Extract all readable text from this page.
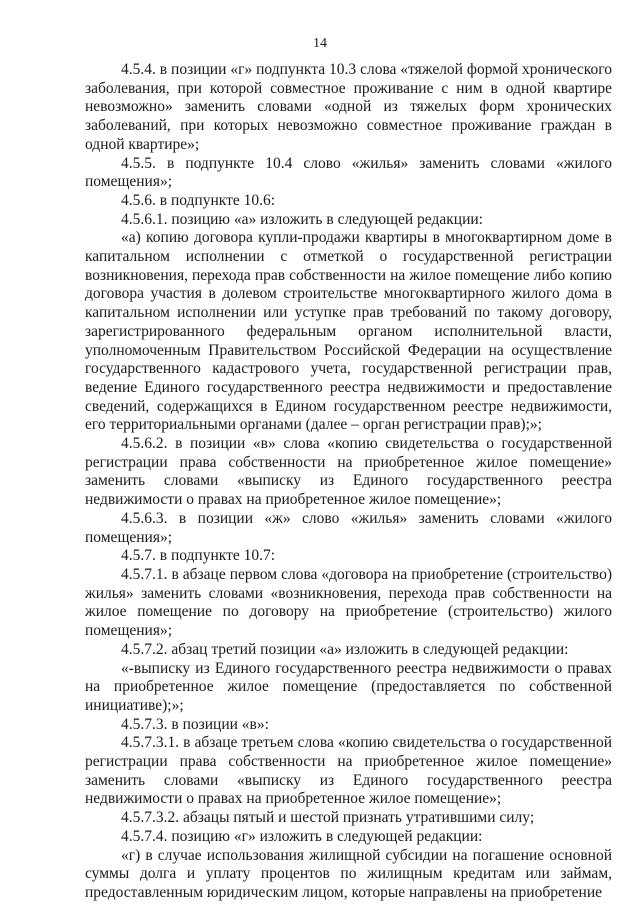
14

4.5.4. в позиции «г» подпункта 10.3 слова «тяжелой формой хронического заболевания, при которой совместное проживание с ним в одной квартире невозможно» заменить словами «одной из тяжелых форм хронических заболеваний, при которых невозможно совместное проживание граждан в одной квартире»;

4.5.5. в подпункте 10.4 слово «жилья» заменить словами «жилого помещения»;

4.5.6. в подпункте 10.6:

4.5.6.1. позицию «а» изложить в следующей редакции:

«а) копию договора купли-продажи квартиры в многоквартирном доме в капитальном исполнении с отметкой о государственной регистрации возникновения, перехода прав собственности на жилое помещение либо копию договора участия в долевом строительстве многоквартирного жилого дома в капитальном исполнении или уступке прав требований по такому договору, зарегистрированного федеральным органом исполнительной власти, уполномоченным Правительством Российской Федерации на осуществление государственного кадастрового учета, государственной регистрации прав, ведение Единого государственного реестра недвижимости и предоставление сведений, содержащихся в Едином государственном реестре недвижимости, его территориальными органами (далее – орган регистрации прав);»;

4.5.6.2. в позиции «в» слова «копию свидетельства о государственной регистрации права собственности на приобретенное жилое помещение» заменить словами «выписку из Единого государственного реестра недвижимости о правах на приобретенное жилое помещение»;

4.5.6.3. в позиции «ж» слово «жилья» заменить словами «жилого помещения»;

4.5.7. в подпункте 10.7:

4.5.7.1. в абзаце первом слова «договора на приобретение (строительство) жилья» заменить словами «возникновения, перехода прав собственности на жилое помещение по договору на приобретение (строительство) жилого помещения»;

4.5.7.2. абзац третий позиции «а» изложить в следующей редакции:

«-выписку из Единого государственного реестра недвижимости о правах на приобретенное жилое помещение (предоставляется по собственной инициативе);»;

4.5.7.3. в позиции «в»:

4.5.7.3.1. в абзаце третьем слова «копию свидетельства о государственной регистрации права собственности на приобретенное жилое помещение» заменить словами «выписку из Единого государственного реестра недвижимости о правах на приобретенное жилое помещение»;

4.5.7.3.2. абзацы пятый и шестой признать утратившими силу;

4.5.7.4. позицию «г» изложить в следующей редакции:

«г) в случае использования жилищной субсидии на погашение основной суммы долга и уплату процентов по жилищным кредитам или займам, предоставленным юридическим лицом, которые направлены на приобретение
